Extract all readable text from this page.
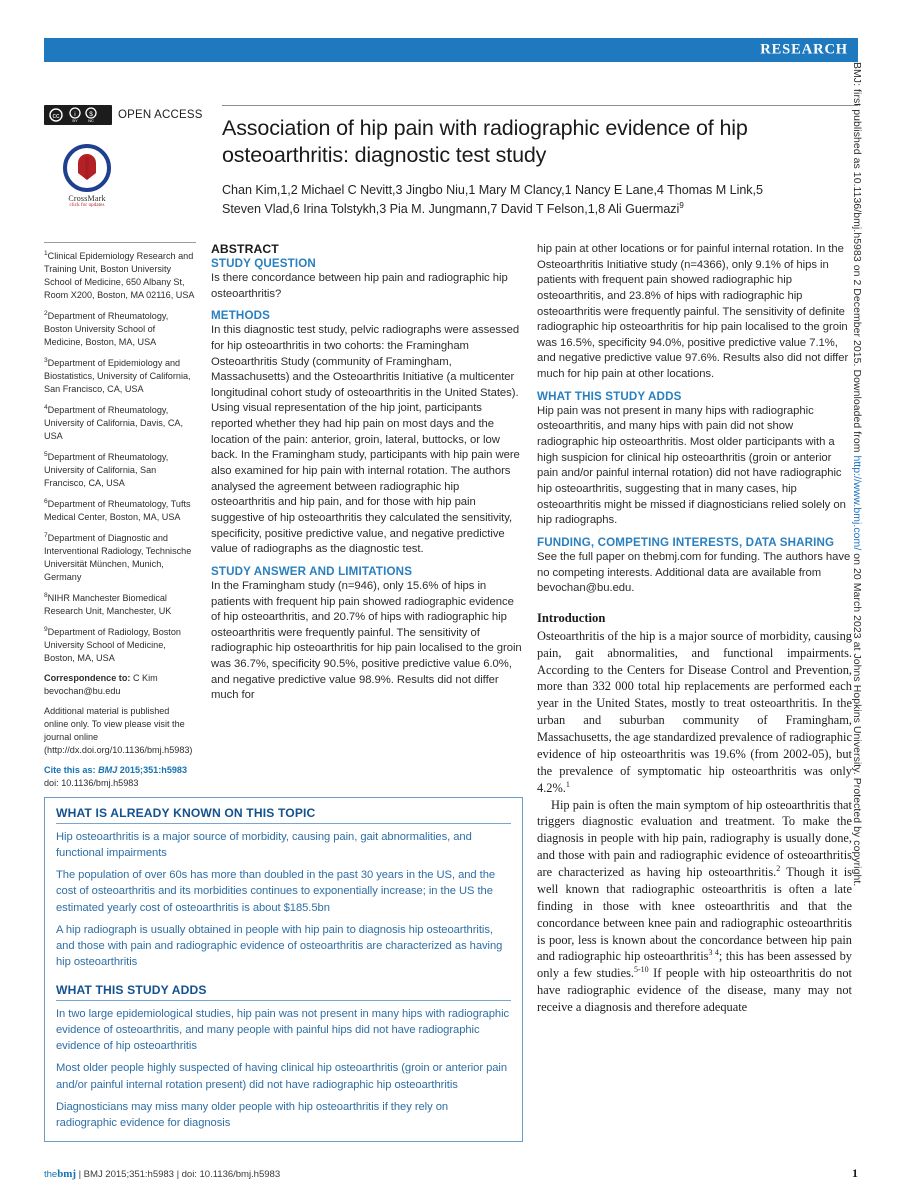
RESEARCH
BMJ: first published as 10.1136/bmj.h5983 on 2 December 2015. Downloaded from http://www.bmj.com/ on 20 March 2023 at Johns Hopkins University. Protected by copyright.
cc i
BY
$
NC OPEN ACCESS
CrossMark
click for updates
Association of hip pain with radiographic evidence of hip osteoarthritis: diagnostic test study
Chan Kim,1,2 Michael C Nevitt,3 Jingbo Niu,1 Mary M Clancy,1 Nancy E Lane,4 Thomas M Link,5
Steven Vlad,6 Irina Tolstykh,3 Pia M. Jungmann,7 David T Felson,1,8 Ali Guermazi$^9$

$^1$Clinical Epidemiology Research and Training Unit, Boston University School of Medicine, 650 Albany St, Room X200, Boston, MA 02116, USA

$^2$Department of Rheumatology, Boston University School of Medicine, Boston, MA, USA

$^3$Department of Epidemiology and Biostatistics, University of California, San Francisco, CA, USA

$^4$Department of Rheumatology, University of California, Davis, CA, USA

$^5$Department of Rheumatology, University of California, San Francisco, CA, USA

$^6$Department of Rheumatology, Tufts Medical Center, Boston, MA, USA

$^7$Department of Diagnostic and Interventional Radiology, Technische Universität München, Munich, Germany

$^8$NIHR Manchester Biomedical Research Unit, Manchester, UK

$^9$Department of Radiology, Boston University School of Medicine, Boston, MA, USA

Correspondence to: C Kim bevochan@bu.edu

Additional material is published online only. To view please visit the journal online (http://dx.doi.org/10.1136/bmj.h5983)

Cite this as: BMJ 2015;351:h5983

doi: 10.1136/bmj.h5983

ABSTRACT
STUDY QUESTION

Is there concordance between hip pain and radiographic hip osteoarthritis?

METHODS

In this diagnostic test study, pelvic radiographs were assessed for hip osteoarthritis in two cohorts: the Framingham Osteoarthritis Study (community of Framingham, Massachusetts) and the Osteoarthritis Initiative (a multicenter longitudinal cohort study of osteoarthritis in the United States). Using visual representation of the hip joint, participants reported whether they had hip pain on most days and the location of the pain: anterior, groin, lateral, buttocks, or low back. In the Framingham study, participants with hip pain were also examined for hip pain with internal rotation. The authors analysed the agreement between radiographic hip osteoarthritis and hip pain, and for those with hip pain suggestive of hip osteoarthritis they calculated the sensitivity, specificity, positive predictive value, and negative predictive value of radiographs as the diagnostic test.

STUDY ANSWER AND LIMITATIONS

In the Framingham study (n=946), only 15.6% of hips in patients with frequent hip pain showed radiographic evidence of hip osteoarthritis, and 20.7% of hips with radiographic hip osteoarthritis were frequently painful. The sensitivity of radiographic hip osteoarthritis for hip pain localised to the groin was 36.7%, specificity 90.5%, positive predictive value 6.0%, and negative predictive value 98.9%. Results did not differ much for

hip pain at other locations or for painful internal rotation. In the Osteoarthritis Initiative study (n=4366), only 9.1% of hips in patients with frequent pain showed radiographic hip osteoarthritis, and 23.8% of hips with radiographic hip osteoarthritis were frequently painful. The sensitivity of definite radiographic hip osteoarthritis for hip pain localised to the groin was 16.5%, specificity 94.0%, positive predictive value 7.1%, and negative predictive value 97.6%. Results also did not differ much for hip pain at other locations.

WHAT THIS STUDY ADDS

Hip pain was not present in many hips with radiographic osteoarthritis, and many hips with pain did not show radiographic hip osteoarthritis. Most older participants with a high suspicion for clinical hip osteoarthritis (groin or anterior pain and/or painful internal rotation) did not have radiographic hip osteoarthritis, suggesting that in many cases, hip osteoarthritis might be missed if diagnosticians relied solely on hip radiographs.

FUNDING, COMPETING INTERESTS, DATA SHARING

See the full paper on thebmj.com for funding. The authors have no competing interests. Additional data are available from bevochan@bu.edu.

Introduction

Osteoarthritis of the hip is a major source of morbidity, causing pain, gait abnormalities, and functional impairments. According to the Centers for Disease Control and Prevention, more than 332 000 total hip replacements are performed each year in the United States, mostly to treat osteoarthritis. In the urban and suburban community of Framingham, Massachusetts, the age standardized prevalence of radiographic evidence of hip osteoarthritis was 19.6% (from 2002-05), but the prevalence of symptomatic hip osteoarthritis was only 4.2%.$^1$

Hip pain is often the main symptom of hip osteoarthritis that triggers diagnostic evaluation and treatment. To make the diagnosis in people with hip pain, radiography is usually done, and those with pain and radiographic evidence of osteoarthritis are characterized as having hip osteoarthritis.$^2$ Though it is well known that radiographic osteoarthritis is often a late finding in those with knee osteoarthritis and that the concordance between knee pain and radiographic osteoarthritis is poor, less is known about the concordance between hip pain and radiographic hip osteoarthritis$^{3 4}$; this has been assessed by only a few studies.$^{5-10}$ If people with hip osteoarthritis do not have radiographic evidence of the disease, many may not receive a diagnosis and therefore adequate

WHAT IS ALREADY KNOWN ON THIS TOPIC

Hip osteoarthritis is a major source of morbidity, causing pain, gait abnormalities, and functional impairments

The population of over 60s has more than doubled in the past 30 years in the US, and the cost of osteoarthritis and its morbidities continues to exponentially increase; in the US the estimated yearly cost of osteoarthritis is about $185.5bn

A hip radiograph is usually obtained in people with hip pain to diagnosis hip osteoarthritis, and those with pain and radiographic evidence of osteoarthritis are characterized as having hip osteoarthritis

WHAT THIS STUDY ADDS

In two large epidemiological studies, hip pain was not present in many hips with radiographic evidence of osteoarthritis, and many people with painful hips did not have radiographic evidence of hip osteoarthritis

Most older people highly suspected of having clinical hip osteoarthritis (groin or anterior pain and/or painful internal rotation present) did not have radiographic hip osteoarthritis

Diagnosticians may miss many older people with hip osteoarthritis if they rely on radiographic evidence for diagnosis

thebmj | BMJ 2015;351:h5983 | doi: 10.1136/bmj.h5983	1
